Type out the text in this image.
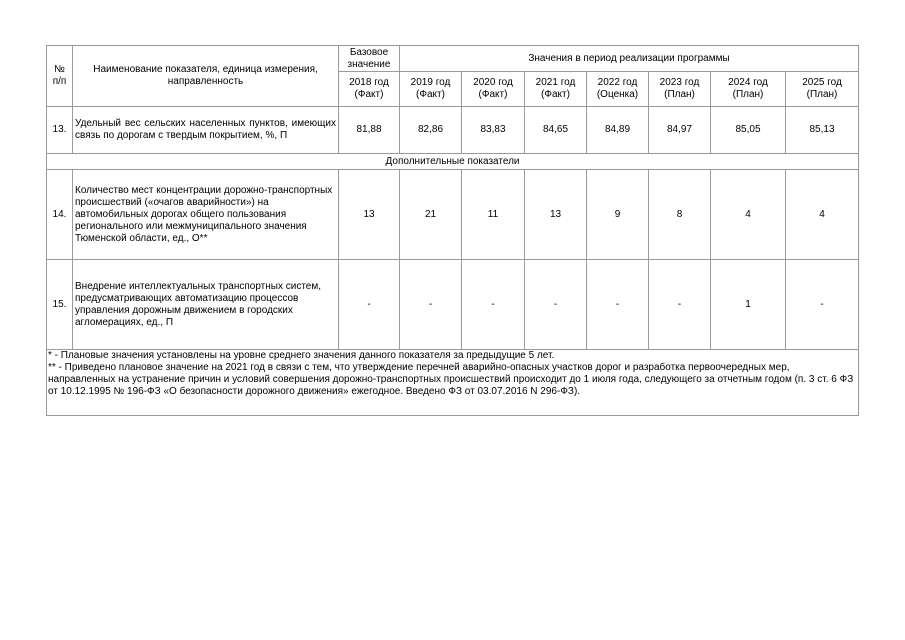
№ п/п	Наименование показателя, единица измерения, направленность	Базовое значение	Значения в период реализации программы						
		2018 год (Факт)	2019 год (Факт)	2020 год (Факт)	2021 год (Факт)	2022 год (Оценка)	2023 год (План)	2024 год (План)	2025 год (План)
13.	Удельный вес сельских населенных пунктов, имеющих связь по дорогам с твердым покрытием, %, П	81,88	82,86	83,83	84,65	84,89	84,97	85,05	85,13
Дополнительные показатели									
14.	Количество мест концентрации дорожно-транспортных происшествий («очагов аварийности») на автомобильных дорогах общего пользования регионального или межмуниципального значения Тюменской области, ед., О**	13	21	11	13	9	8	4	4
15.	Внедрение интеллектуальных транспортных систем, предусматривающих автоматизацию процессов управления дорожным движением в городских агломерациях, ед., П	-	-	-	-	-	-	1	-

* - Плановые значения установлены на уровне среднего значения данного показателя за предыдущие 5 лет.
** - Приведено плановое значение на 2021 год в связи с тем, что утверждение перечней аварийно-опасных участков дорог и разработка первоочередных мер, направленных на устранение причин и условий совершения дорожно-транспортных происшествий происходит до 1 июля года, следующего за отчетным годом (п. 3 ст. 6 ФЗ от 10.12.1995 № 196-ФЗ «О безопасности дорожного движения» ежегодное. Введено ФЗ от 03.07.2016 N 296-ФЗ).									
